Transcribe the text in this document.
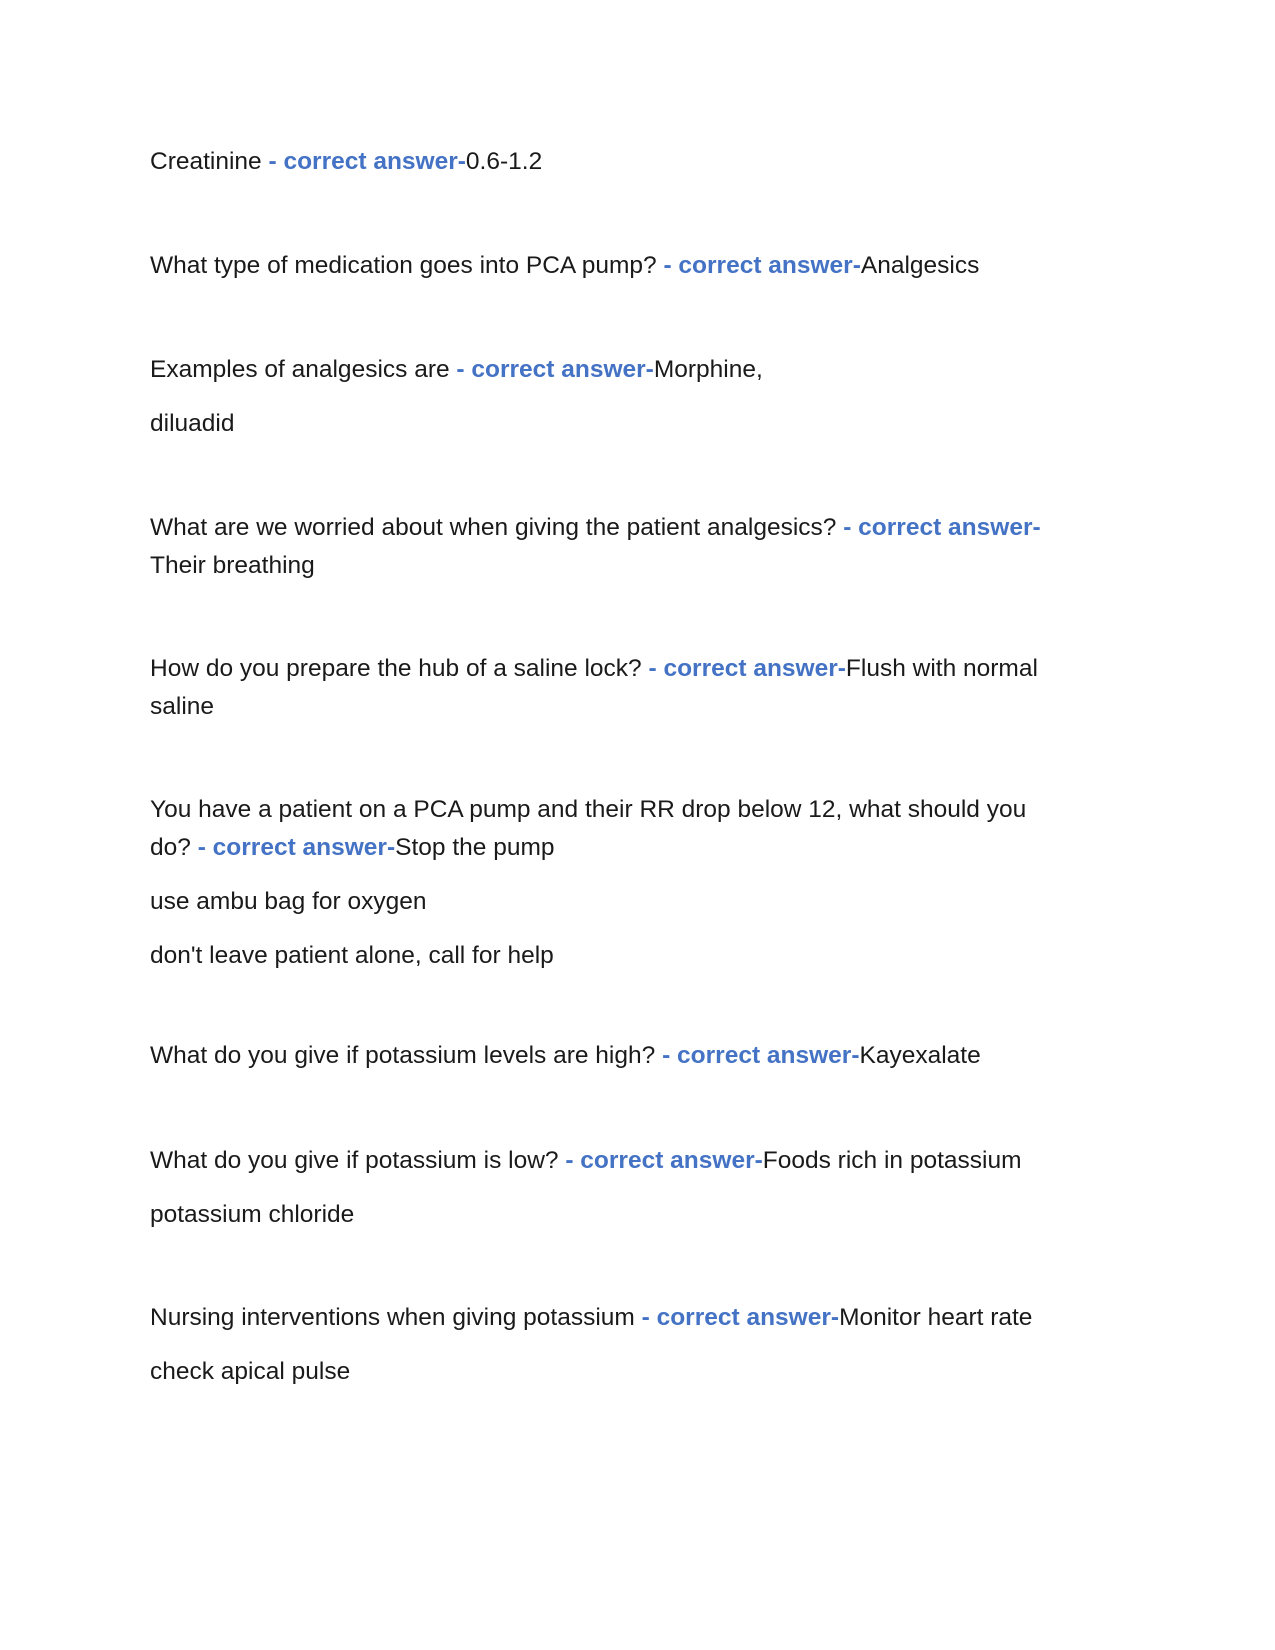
Creatinine - correct answer-0.6-1.2
What type of medication goes into PCA pump? - correct answer-Analgesics
Examples of analgesics are - correct answer-Morphine,
diluadid
What are we worried about when giving the patient analgesics? - correct answer-
Their breathing
How do you prepare the hub of a saline lock? - correct answer-Flush with normal
saline
You have a patient on a PCA pump and their RR drop below 12, what should you
do? - correct answer-Stop the pump
use ambu bag for oxygen
don't leave patient alone, call for help
What do you give if potassium levels are high? - correct answer-Kayexalate
What do you give if potassium is low? - correct answer-Foods rich in potassium
potassium chloride
Nursing interventions when giving potassium - correct answer-Monitor heart rate
check apical pulse
